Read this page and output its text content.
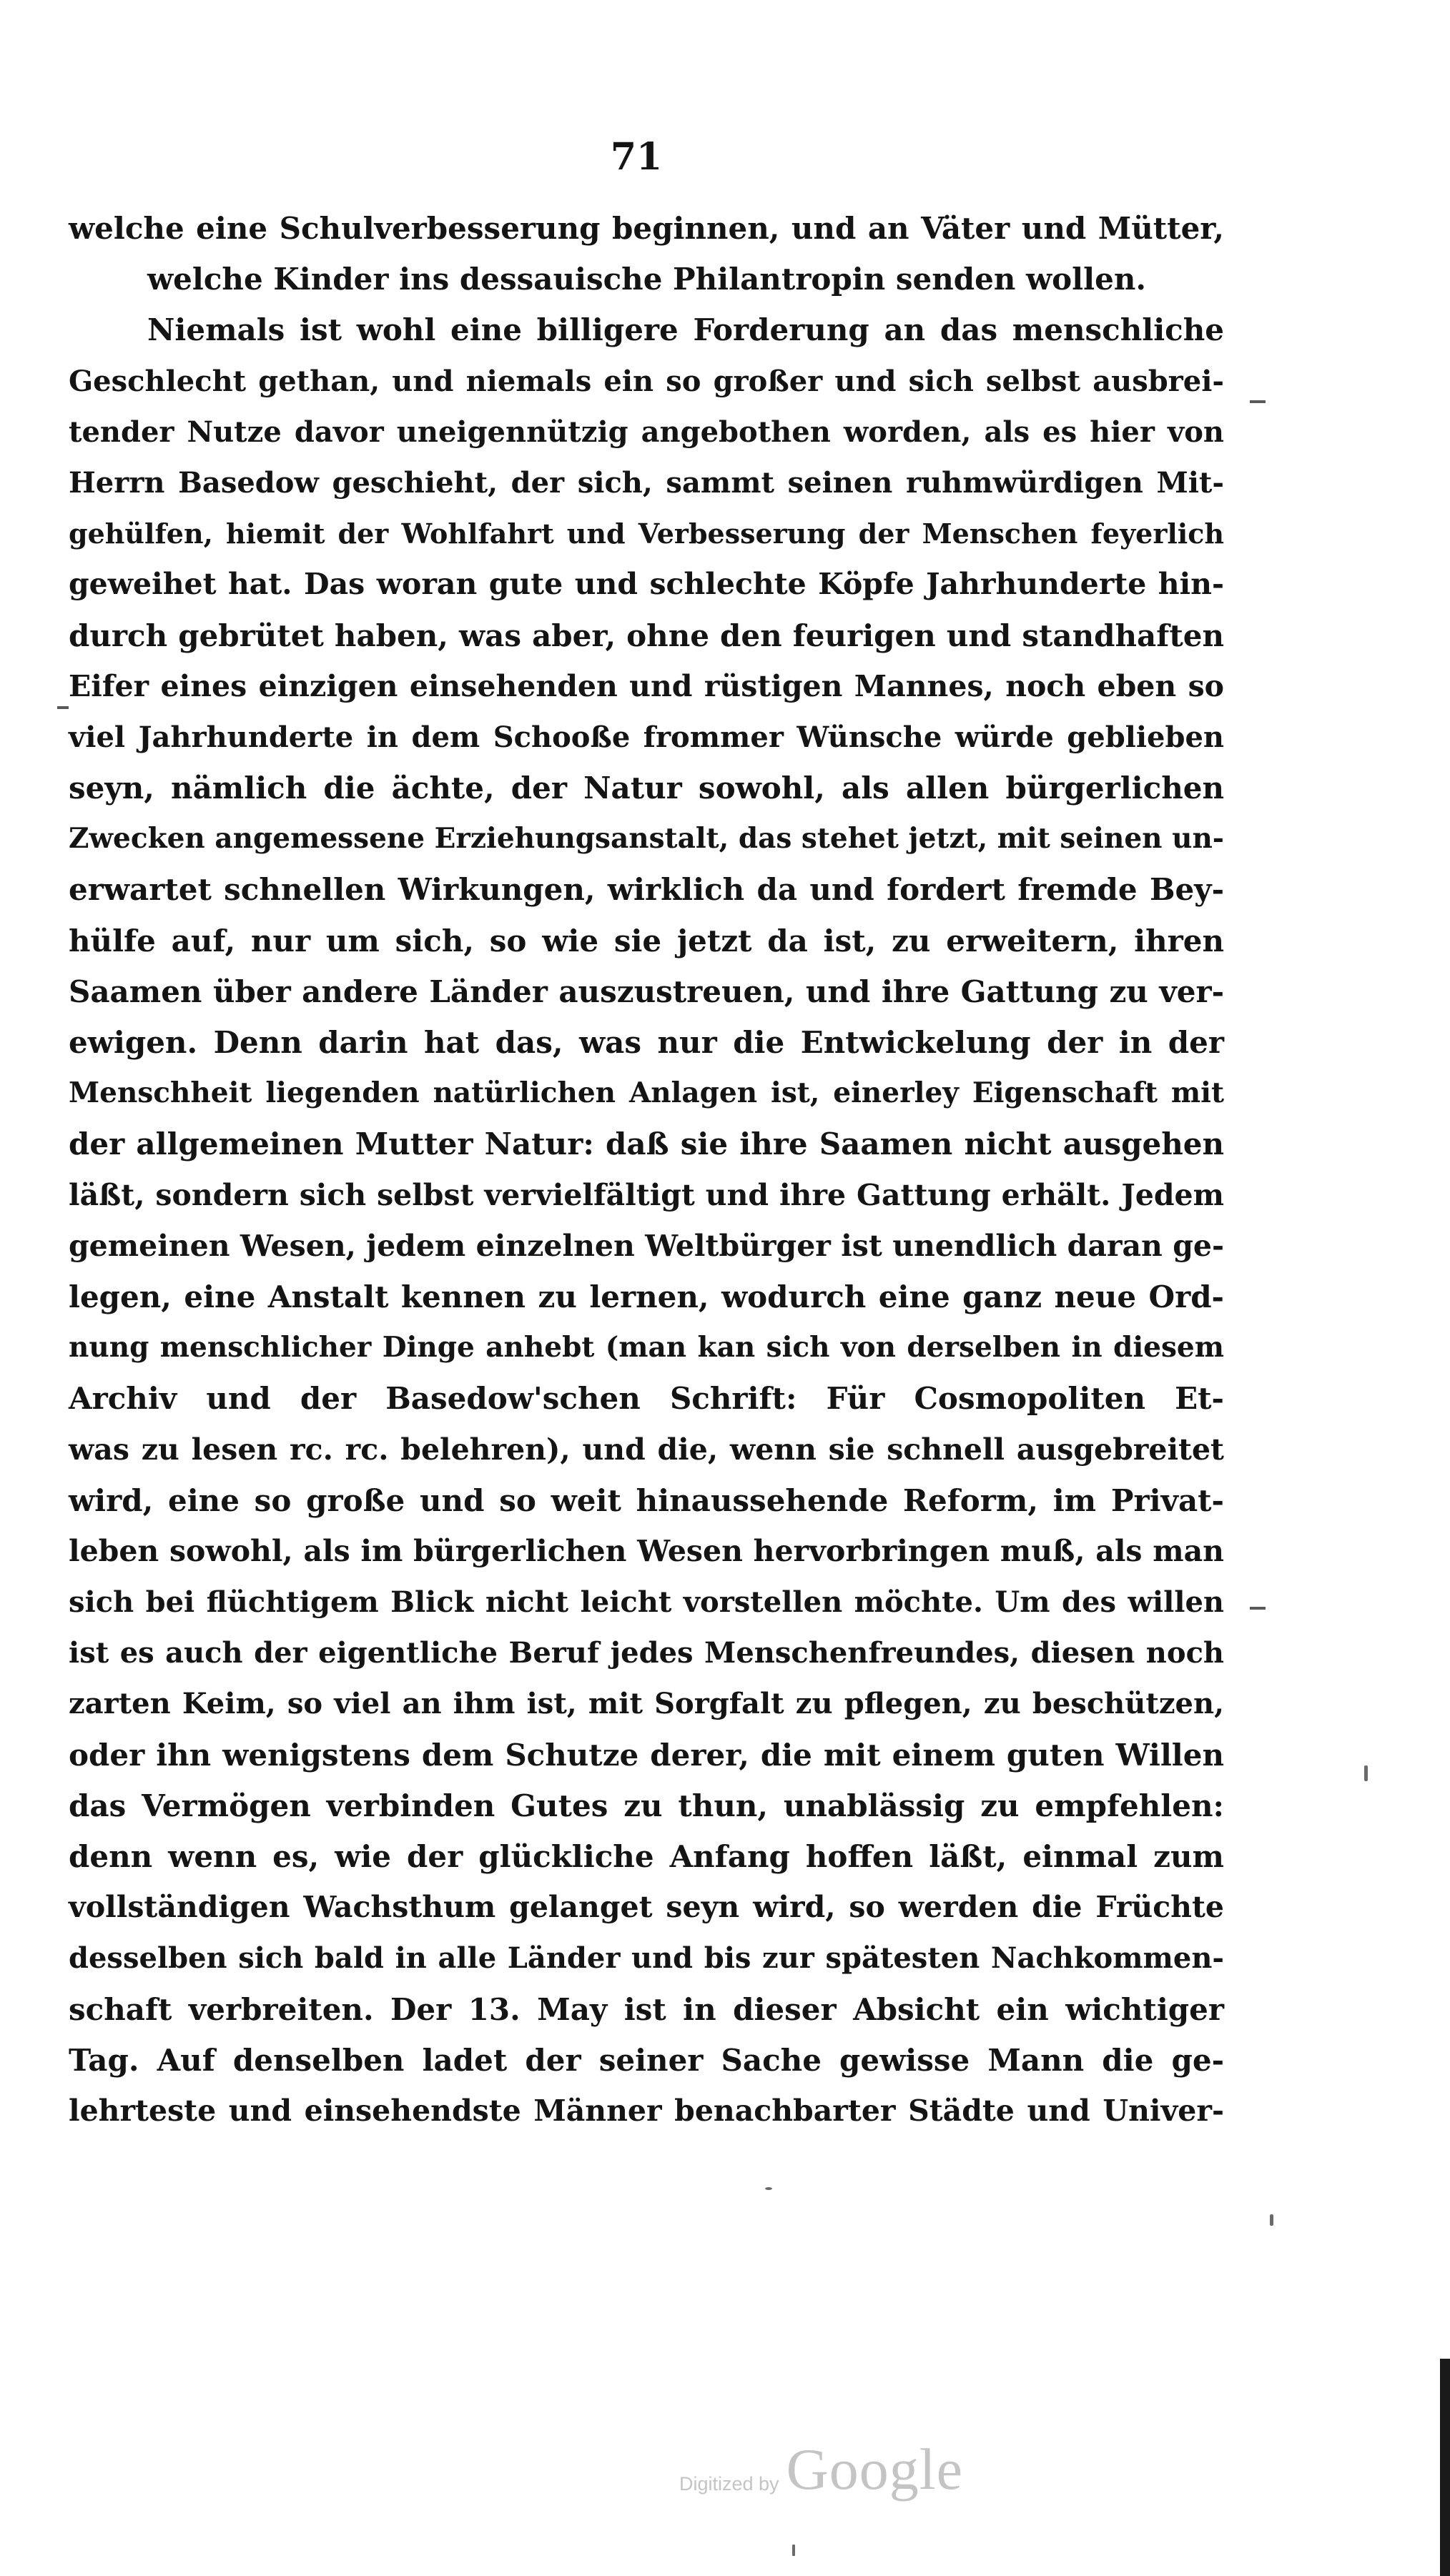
71
welche eine Schulverbesserung beginnen, und an Väter und Mütter,
welche Kinder ins dessauische Philantropin senden wollen.
Niemals ist wohl eine billigere Forderung an das menschliche
Geschlecht gethan, und niemals ein so großer und sich selbst ausbrei-
tender Nutze davor uneigennützig angebothen worden, als es hier von
Herrn Basedow geschieht, der sich, sammt seinen ruhmwürdigen Mit-
gehülfen, hiemit der Wohlfahrt und Verbesserung der Menschen feyerlich
geweihet hat. Das woran gute und schlechte Köpfe Jahrhunderte hin-
durch gebrütet haben, was aber, ohne den feurigen und standhaften
Eifer eines einzigen einsehenden und rüstigen Mannes, noch eben so
viel Jahrhunderte in dem Schooße frommer Wünsche würde geblieben
seyn, nämlich die ächte, der Natur sowohl, als allen bürgerlichen
Zwecken angemessene Erziehungsanstalt, das stehet jetzt, mit seinen un-
erwartet schnellen Wirkungen, wirklich da und fordert fremde Bey-
hülfe auf, nur um sich, so wie sie jetzt da ist, zu erweitern, ihren
Saamen über andere Länder auszustreuen, und ihre Gattung zu ver-
ewigen. Denn darin hat das, was nur die Entwickelung der in der
Menschheit liegenden natürlichen Anlagen ist, einerley Eigenschaft mit
der allgemeinen Mutter Natur: daß sie ihre Saamen nicht ausgehen
läßt, sondern sich selbst vervielfältigt und ihre Gattung erhält. Jedem
gemeinen Wesen, jedem einzelnen Weltbürger ist unendlich daran ge-
legen, eine Anstalt kennen zu lernen, wodurch eine ganz neue Ord-
nung menschlicher Dinge anhebt (man kan sich von derselben in diesem
Archiv und der Basedow'schen Schrift: Für Cosmopoliten Et-
was zu lesen rc. rc. belehren), und die, wenn sie schnell ausgebreitet
wird, eine so große und so weit hinaussehende Reform, im Privat-
leben sowohl, als im bürgerlichen Wesen hervorbringen muß, als man
sich bei flüchtigem Blick nicht leicht vorstellen möchte. Um des willen
ist es auch der eigentliche Beruf jedes Menschenfreundes, diesen noch
zarten Keim, so viel an ihm ist, mit Sorgfalt zu pflegen, zu beschützen,
oder ihn wenigstens dem Schutze derer, die mit einem guten Willen
das Vermögen verbinden Gutes zu thun, unablässig zu empfehlen:
denn wenn es, wie der glückliche Anfang hoffen läßt, einmal zum
vollständigen Wachsthum gelanget seyn wird, so werden die Früchte
desselben sich bald in alle Länder und bis zur spätesten Nachkommen-
schaft verbreiten. Der 13. May ist in dieser Absicht ein wichtiger
Tag. Auf denselben ladet der seiner Sache gewisse Mann die ge-
lehrteste und einsehendste Männer benachbarter Städte und Univer-
Digitized by Google
